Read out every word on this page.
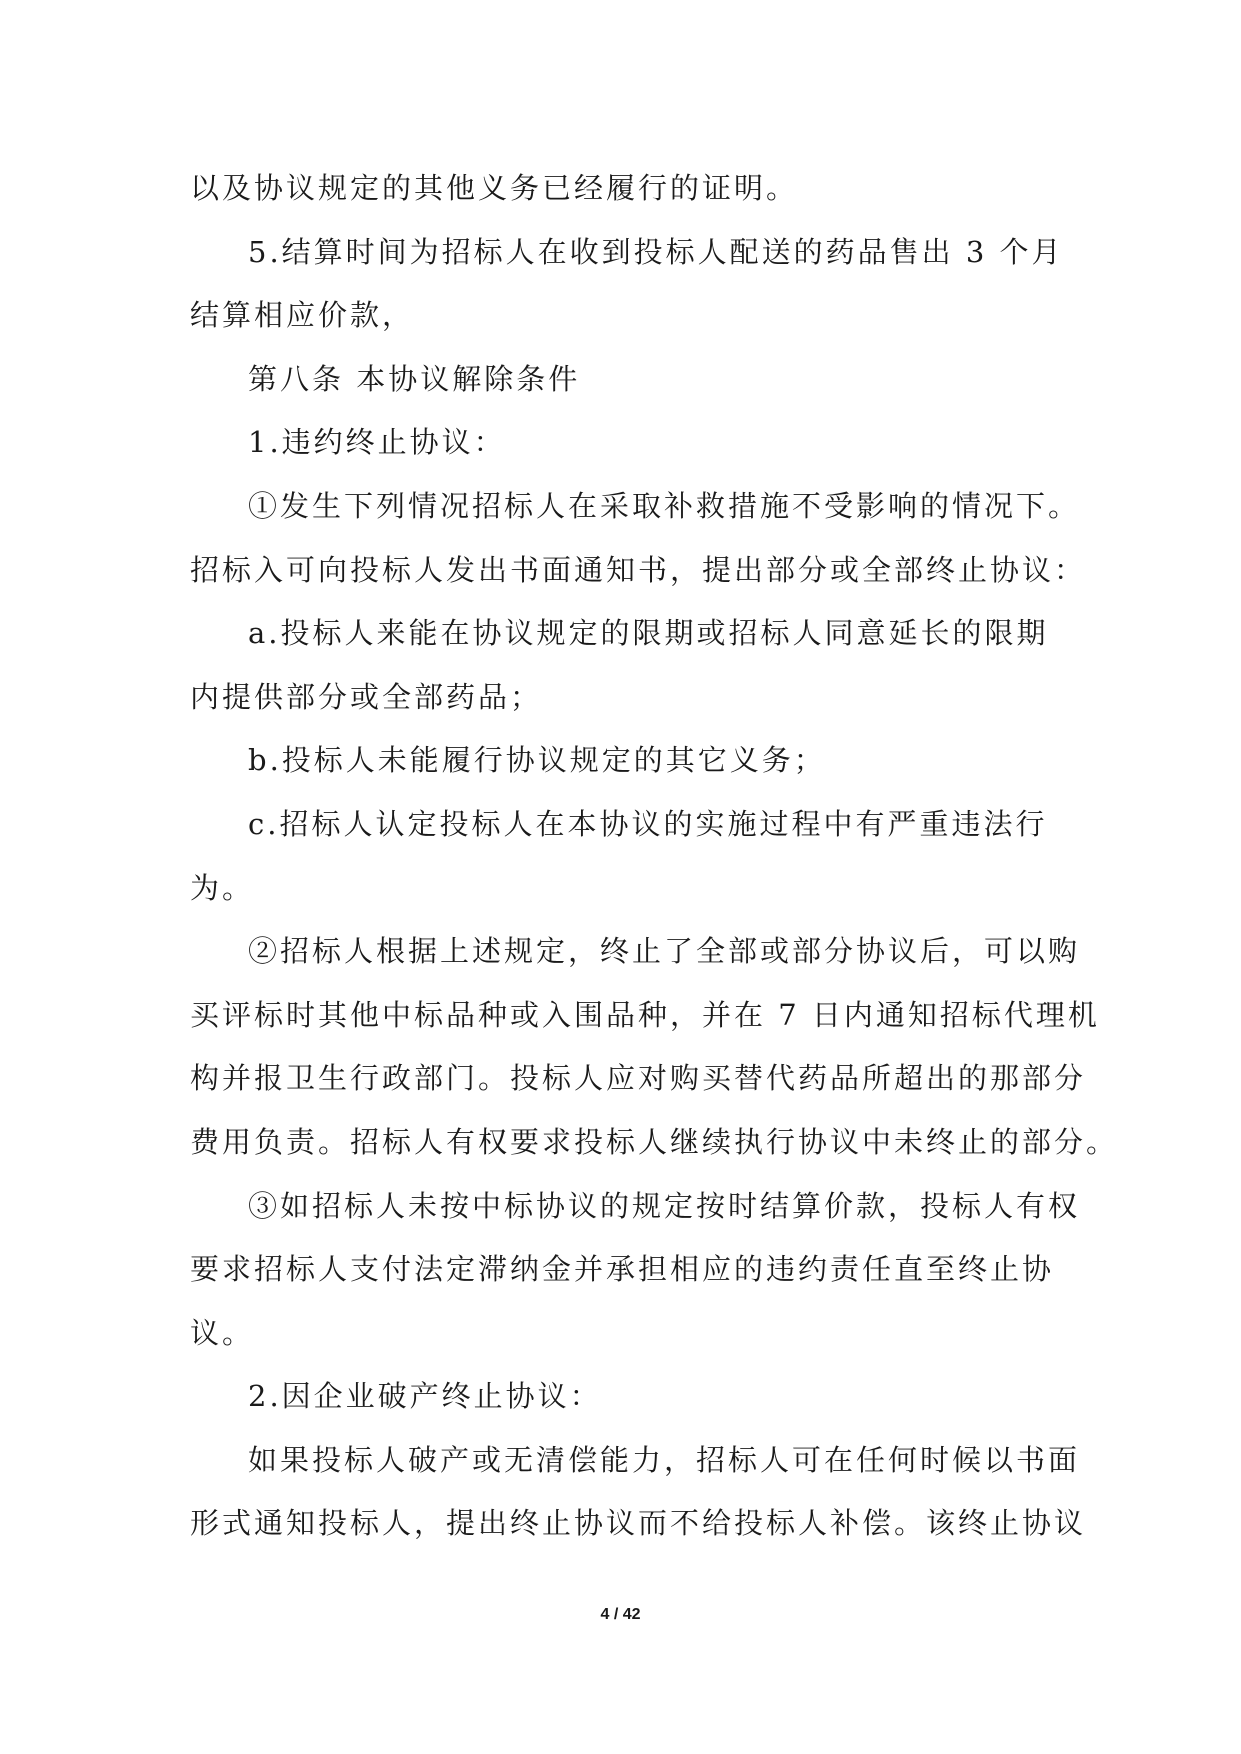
以及协议规定的其他义务已经履行的证明。
5.结算时间为招标人在收到投标人配送的药品售出 3 个月
结算相应价款，
第八条 本协议解除条件
1.违约终止协议：
①发生下列情况招标人在采取补救措施不受影响的情况下。
招标入可向投标人发出书面通知书，提出部分或全部终止协议：
a.投标人来能在协议规定的限期或招标人同意延长的限期
内提供部分或全部药品；
b.投标人未能履行协议规定的其它义务；
c.招标人认定投标人在本协议的实施过程中有严重违法行
为。
②招标人根据上述规定，终止了全部或部分协议后，可以购
买评标时其他中标品种或入围品种，并在 7 日内通知招标代理机
构并报卫生行政部门。投标人应对购买替代药品所超出的那部分
费用负责。招标人有权要求投标人继续执行协议中未终止的部分。
③如招标人未按中标协议的规定按时结算价款，投标人有权
要求招标人支付法定滞纳金并承担相应的违约责任直至终止协
议。
2.因企业破产终止协议：
如果投标人破产或无清偿能力，招标人可在任何时候以书面
形式通知投标人，提出终止协议而不给投标人补偿。该终止协议
4 / 42
